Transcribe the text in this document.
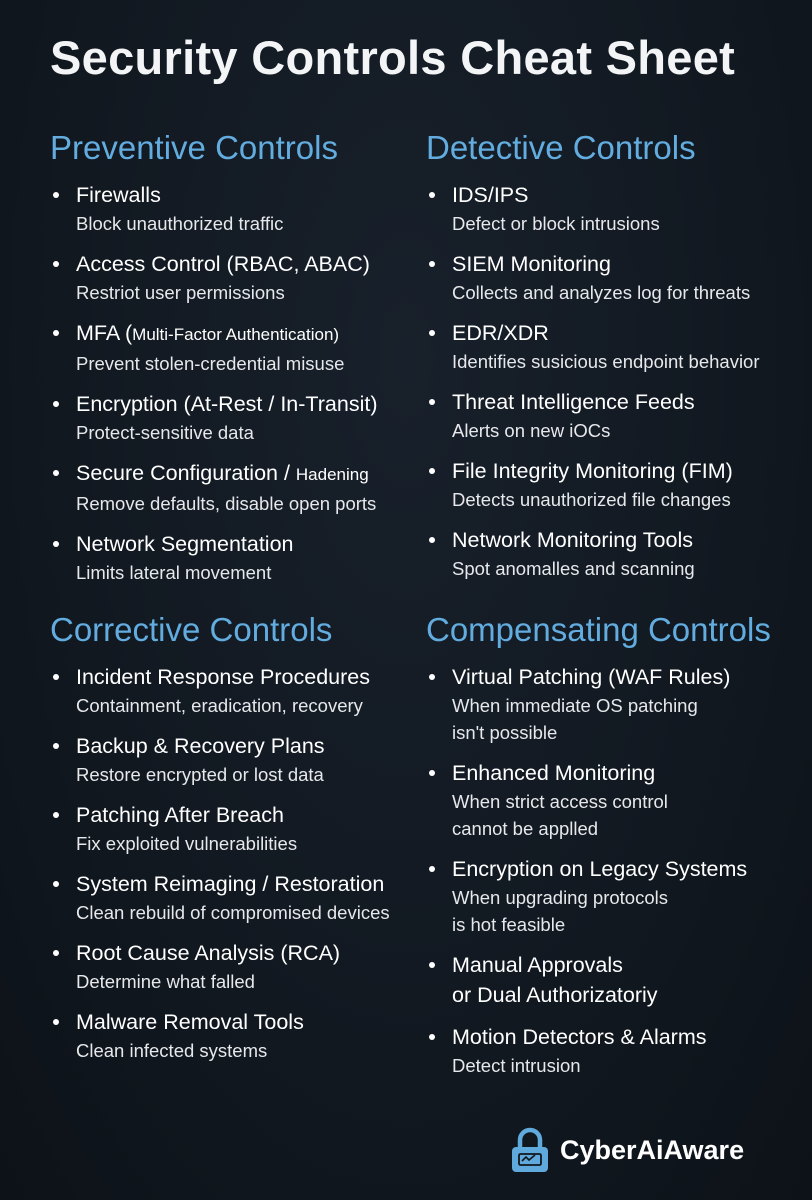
Security Controls Cheat Sheet
Preventive Controls
Firewalls
Block unauthorized traffic
Access Control (RBAC, ABAC)
Restriot user permissions
MFA (Multi-Factor Authentication)
Prevent stolen-credential misuse
Encryption (At-Rest / In-Transit)
Protect-sensitive data
Secure Configuration / Hadening
Remove defaults, disable open ports
Network Segmentation
Limits lateral movement
Detective Controls
IDS/IPS
Defect or block intrusions
SIEM Monitoring
Collects and analyzes log for threats
EDR/XDR
Identifies susicious endpoint behavior
Threat Intelligence Feeds
Alerts on new iOCs
File Integrity Monitoring (FIM)
Detects unauthorized file changes
Network Monitoring Tools
Spot anomalles and scanning
Corrective Controls
Incident Response Procedures
Containment, eradication, recovery
Backup & Recovery Plans
Restore encrypted or lost data
Patching After Breach
Fix exploited vulnerabilities
System Reimaging / Restoration
Clean rebuild of compromised devices
Root Cause Analysis (RCA)
Determine what falled
Malware Removal Tools
Clean infected systems
Compensating Controls
Virtual Patching (WAF Rules)
When immediate OS patching
isn't possible
Enhanced Monitoring
When strict access control
cannot be applled
Encryption on Legacy Systems
When upgrading protocols
is hot feasible
Manual Approvals
or Dual Authorizatoriy
Motion Detectors & Alarms
Detect intrusion
CyberAiAware
